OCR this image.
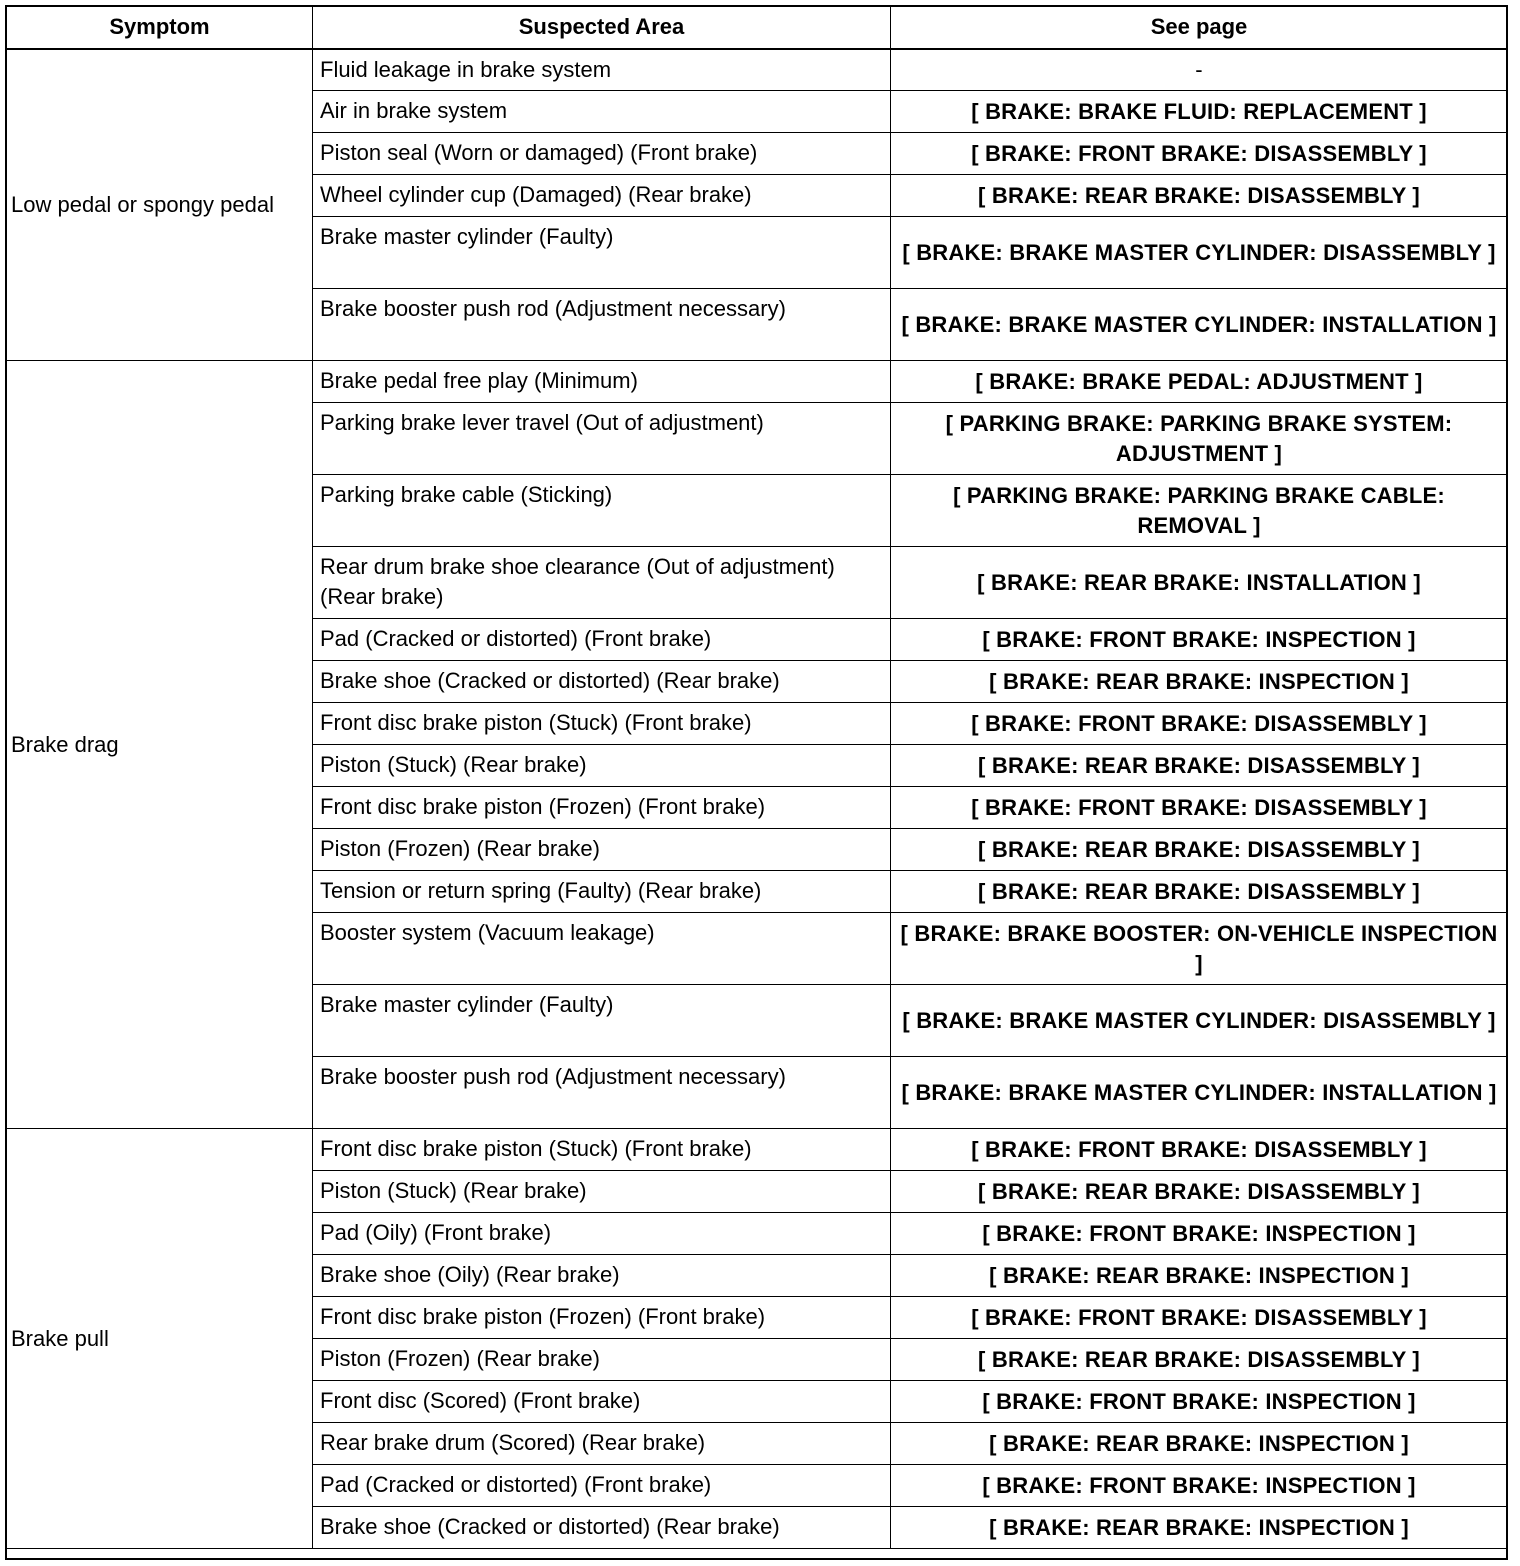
Symptom	Suspected Area	See page
Low pedal or spongy pedal	Fluid leakage in brake system	-
	Air in brake system	[ BRAKE: BRAKE FLUID: REPLACEMENT ]
	Piston seal (Worn or damaged) (Front brake)	[ BRAKE: FRONT BRAKE: DISASSEMBLY ]
	Wheel cylinder cup (Damaged) (Rear brake)	[ BRAKE: REAR BRAKE: DISASSEMBLY ]
	Brake master cylinder (Faulty)	[ BRAKE: BRAKE MASTER CYLINDER: DISASSEMBLY ]
	Brake booster push rod (Adjustment necessary)	[ BRAKE: BRAKE MASTER CYLINDER: INSTALLATION ]
Brake drag	Brake pedal free play (Minimum)	[ BRAKE: BRAKE PEDAL: ADJUSTMENT ]
	Parking brake lever travel (Out of adjustment)	[ PARKING BRAKE: PARKING BRAKE SYSTEM: ADJUSTMENT ]
	Parking brake cable (Sticking)	[ PARKING BRAKE: PARKING BRAKE CABLE: REMOVAL ]
	Rear drum brake shoe clearance (Out of adjustment) (Rear brake)	[ BRAKE: REAR BRAKE: INSTALLATION ]
	Pad (Cracked or distorted) (Front brake)	[ BRAKE: FRONT BRAKE: INSPECTION ]
	Brake shoe (Cracked or distorted) (Rear brake)	[ BRAKE: REAR BRAKE: INSPECTION ]
	Front disc brake piston (Stuck) (Front brake)	[ BRAKE: FRONT BRAKE: DISASSEMBLY ]
	Piston (Stuck) (Rear brake)	[ BRAKE: REAR BRAKE: DISASSEMBLY ]
	Front disc brake piston (Frozen) (Front brake)	[ BRAKE: FRONT BRAKE: DISASSEMBLY ]
	Piston (Frozen) (Rear brake)	[ BRAKE: REAR BRAKE: DISASSEMBLY ]
	Tension or return spring (Faulty) (Rear brake)	[ BRAKE: REAR BRAKE: DISASSEMBLY ]
	Booster system (Vacuum leakage)	[ BRAKE: BRAKE BOOSTER: ON-VEHICLE INSPECTION ]
	Brake master cylinder (Faulty)	[ BRAKE: BRAKE MASTER CYLINDER: DISASSEMBLY ]
	Brake booster push rod (Adjustment necessary)	[ BRAKE: BRAKE MASTER CYLINDER: INSTALLATION ]
Brake pull	Front disc brake piston (Stuck) (Front brake)	[ BRAKE: FRONT BRAKE: DISASSEMBLY ]
	Piston (Stuck) (Rear brake)	[ BRAKE: REAR BRAKE: DISASSEMBLY ]
	Pad (Oily) (Front brake)	[ BRAKE: FRONT BRAKE: INSPECTION ]
	Brake shoe (Oily) (Rear brake)	[ BRAKE: REAR BRAKE: INSPECTION ]
	Front disc brake piston (Frozen) (Front brake)	[ BRAKE: FRONT BRAKE: DISASSEMBLY ]
	Piston (Frozen) (Rear brake)	[ BRAKE: REAR BRAKE: DISASSEMBLY ]
	Front disc (Scored) (Front brake)	[ BRAKE: FRONT BRAKE: INSPECTION ]
	Rear brake drum (Scored) (Rear brake)	[ BRAKE: REAR BRAKE: INSPECTION ]
	Pad (Cracked or distorted) (Front brake)	[ BRAKE: FRONT BRAKE: INSPECTION ]
	Brake shoe (Cracked or distorted) (Rear brake)	[ BRAKE: REAR BRAKE: INSPECTION ]
